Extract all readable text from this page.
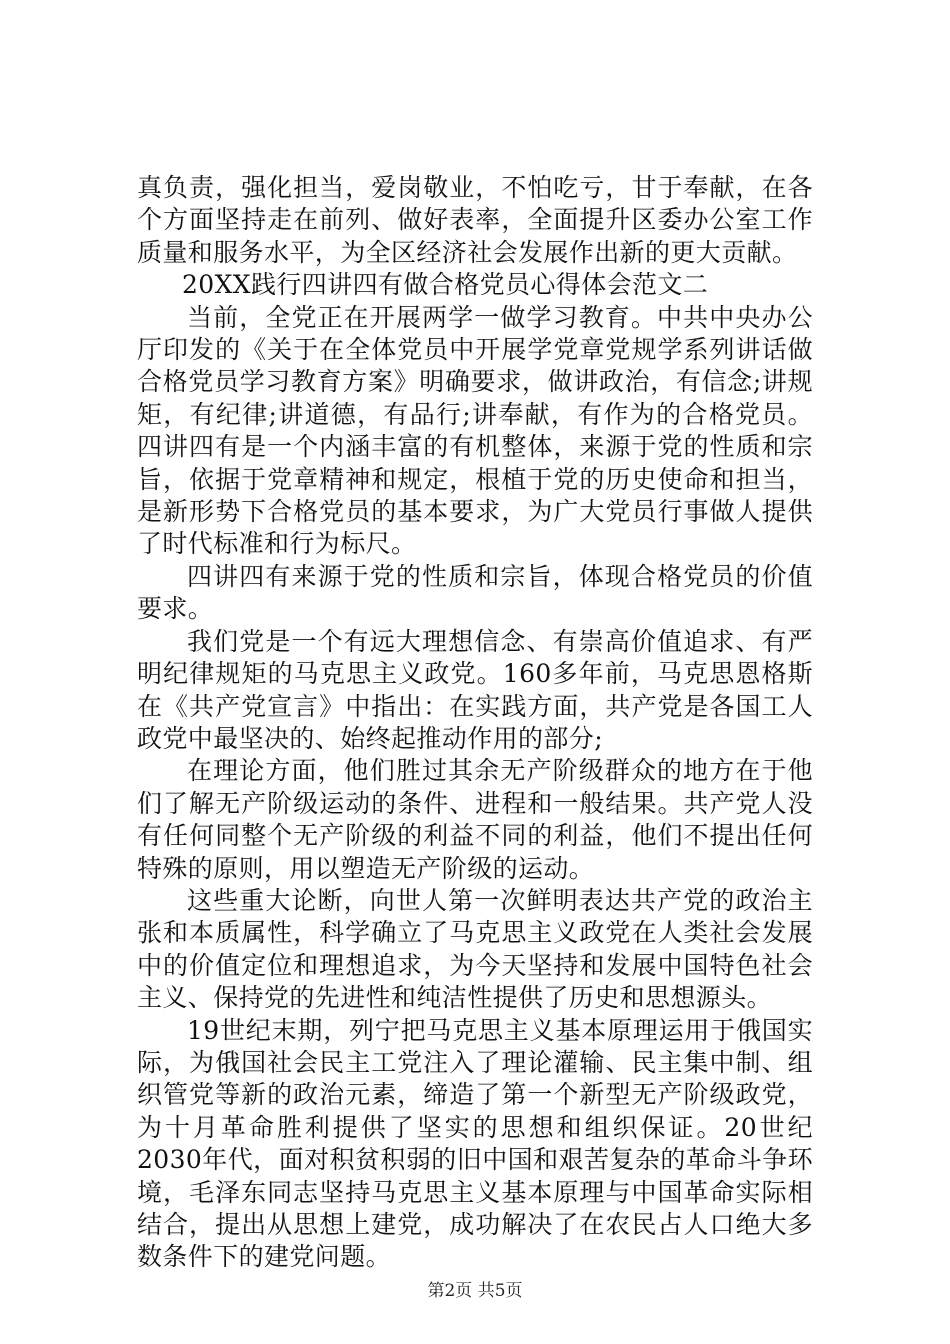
真负责，强化担当，爱岗敬业，不怕吃亏，甘于奉献，在各个方面坚持走在前列、做好表率，全面提升区委办公室工作质量和服务水平，为全区经济社会发展作出新的更大贡献。

20XX践行四讲四有做合格党员心得体会范文二

当前，全党正在开展两学一做学习教育。中共中央办公厅印发的《关于在全体党员中开展学党章党规学系列讲话做合格党员学习教育方案》明确要求，做讲政治，有信念;讲规矩，有纪律;讲道德，有品行;讲奉献，有作为的合格党员。四讲四有是一个内涵丰富的有机整体，来源于党的性质和宗旨，依据于党章精神和规定，根植于党的历史使命和担当，是新形势下合格党员的基本要求，为广大党员行事做人提供了时代标准和行为标尺。

四讲四有来源于党的性质和宗旨，体现合格党员的价值要求。

我们党是一个有远大理想信念、有崇高价值追求、有严明纪律规矩的马克思主义政党。160多年前，马克思恩格斯在《共产党宣言》中指出：在实践方面，共产党是各国工人政党中最坚决的、始终起推动作用的部分;

在理论方面，他们胜过其余无产阶级群众的地方在于他们了解无产阶级运动的条件、进程和一般结果。共产党人没有任何同整个无产阶级的利益不同的利益，他们不提出任何特殊的原则，用以塑造无产阶级的运动。

这些重大论断，向世人第一次鲜明表达共产党的政治主张和本质属性，科学确立了马克思主义政党在人类社会发展中的价值定位和理想追求，为今天坚持和发展中国特色社会主义、保持党的先进性和纯洁性提供了历史和思想源头。

19世纪末期，列宁把马克思主义基本原理运用于俄国实际，为俄国社会民主工党注入了理论灌输、民主集中制、组织管党等新的政治元素，缔造了第一个新型无产阶级政党，为十月革命胜利提供了坚实的思想和组织保证。20世纪2030年代，面对积贫积弱的旧中国和艰苦复杂的革命斗争环境，毛泽东同志坚持马克思主义基本原理与中国革命实际相结合，提出从思想上建党，成功解决了在农民占人口绝大多数条件下的建党问题。

第2页 共5页
